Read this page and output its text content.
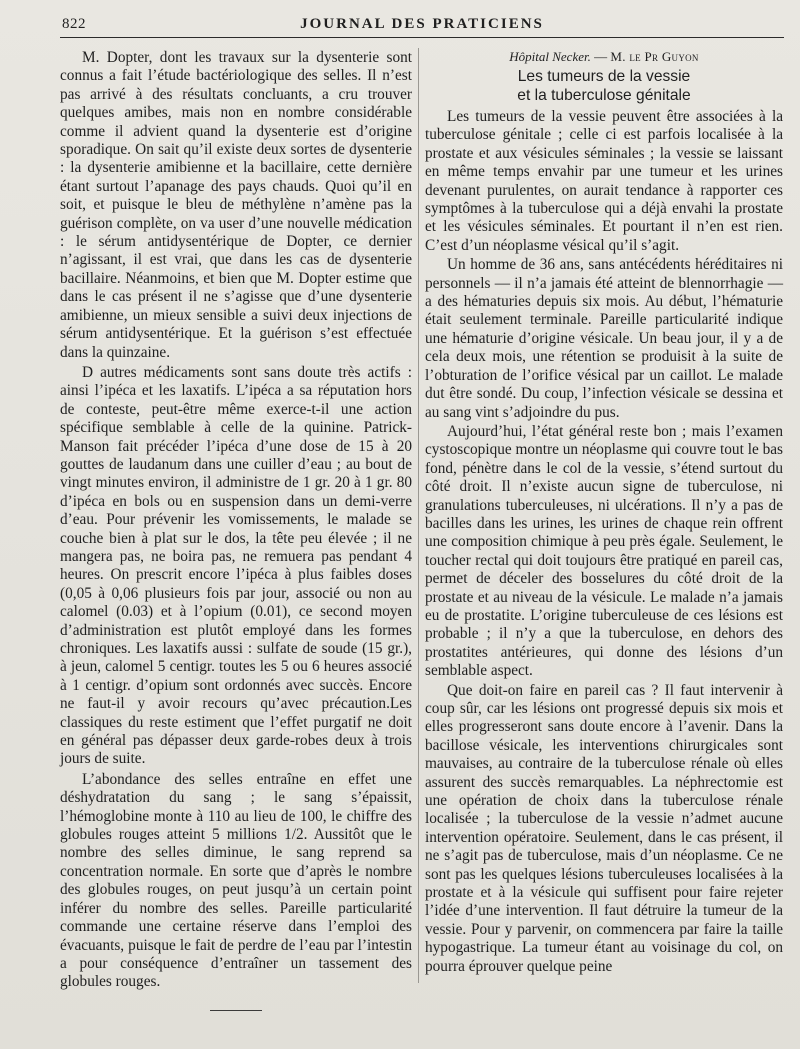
822	JOURNAL DES PRATICIENS

M. Dopter, dont les travaux sur la dysenterie sont connus a fait l’étude bactériologique des selles. Il n’est pas arrivé à des résultats concluants, a cru trouver quelques amibes, mais non en nombre considérable comme il advient quand la dysenterie est d’origine sporadique. On sait qu’il existe deux sortes de dysenterie : la dysenterie amibienne et la bacillaire, cette dernière étant surtout l’apanage des pays chauds. Quoi qu’il en soit, et puisque le bleu de méthylène n’amène pas la guérison complète, on va user d’une nouvelle médication : le sérum antidysentérique de Dopter, ce dernier n’agissant, il est vrai, que dans les cas de dysenterie bacillaire. Néanmoins, et bien que M. Dopter estime que dans le cas présent il ne s’agisse que d’une dysenterie amibienne, un mieux sensible a suivi deux injections de sérum antidysentérique. Et la guérison s’est effectuée dans la quinzaine.

D autres médicaments sont sans doute très actifs : ainsi l’ipéca et les laxatifs. L’ipéca a sa réputation hors de conteste, peut-être même exerce-t-il une action spécifique semblable à celle de la quinine. Patrick-Manson fait précéder l’ipéca d’une dose de 15 à 20 gouttes de laudanum dans une cuiller d’eau ; au bout de vingt minutes environ, il administre de 1 gr. 20 à 1 gr. 80 d’ipéca en bols ou en suspension dans un demi-verre d’eau. Pour prévenir les vomissements, le malade se couche bien à plat sur le dos, la tête peu élevée ; il ne mangera pas, ne boira pas, ne remuera pas pendant 4 heures. On prescrit encore l’ipéca à plus faibles doses (0,05 à 0,06 plusieurs fois par jour, associé ou non au calomel (0.03) et à l’opium (0.01), ce second moyen d’administration est plutôt employé dans les formes chroniques. Les laxatifs aussi : sulfate de soude (15 gr.), à jeun, calomel 5 centigr. toutes les 5 ou 6 heures associé à 1 centigr. d’opium sont ordonnés avec succès. Encore ne faut-il y avoir recours qu’avec précaution.Les classiques du reste estiment que l’effet purgatif ne doit en général pas dépasser deux garde-robes deux à trois jours de suite.

L’abondance des selles entraîne en effet une déshydratation du sang ; le sang s’épaissit, l’hémoglobine monte à 110 au lieu de 100, le chiffre des globules rouges atteint 5 millions 1/2. Aussitôt que le nombre des selles diminue, le sang reprend sa concentration normale. En sorte que d’après le nombre des globules rouges, on peut jusqu’à un certain point inférer du nombre des selles. Pareille particularité commande une certaine réserve dans l’emploi des évacuants, puisque le fait de perdre de l’eau par l’intestin a pour conséquence d’entraîner un tassement des globules rouges.

Hôpital Necker. — M. le Pr Guyon
Les tumeurs de la vessie
et la tuberculose génitale

Les tumeurs de la vessie peuvent être associées à la tuberculose génitale ; celle ci est parfois localisée à la prostate et aux vésicules séminales ; la vessie se laissant en même temps envahir par une tumeur et les urines devenant purulentes, on aurait tendance à rapporter ces symptômes à la tuberculose qui a déjà envahi la prostate et les vésicules séminales. Et pourtant il n’en est rien. C’est d’un néoplasme vésical qu’il s’agit.

Un homme de 36 ans, sans antécédents héréditaires ni personnels — il n’a jamais été atteint de blennorrhagie — a des hématuries depuis six mois. Au début, l’hématurie était seulement terminale. Pareille particularité indique une hématurie d’origine vésicale. Un beau jour, il y a de cela deux mois, une rétention se produisit à la suite de l’obturation de l’orifice vésical par un caillot. Le malade dut être sondé. Du coup, l’infection vésicale se dessina et au sang vint s’adjoindre du pus.

Aujourd’hui, l’état général reste bon ; mais l’examen cystoscopique montre un néoplasme qui couvre tout le bas fond, pénètre dans le col de la vessie, s’étend surtout du côté droit. Il n’existe aucun signe de tuberculose, ni granulations tuberculeuses, ni ulcérations. Il n’y a pas de bacilles dans les urines, les urines de chaque rein offrent une composition chimique à peu près égale. Seulement, le toucher rectal qui doit toujours être pratiqué en pareil cas, permet de déceler des bosselures du côté droit de la prostate et au niveau de la vésicule. Le malade n’a jamais eu de prostatite. L’origine tuberculeuse de ces lésions est probable ; il n’y a que la tuberculose, en dehors des prostatites antérieures, qui donne des lésions d’un semblable aspect.

Que doit-on faire en pareil cas ? Il faut intervenir à coup sûr, car les lésions ont progressé depuis six mois et elles progresseront sans doute encore à l’avenir. Dans la bacillose vésicale, les interventions chirurgicales sont mauvaises, au contraire de la tuberculose rénale où elles assurent des succès remarquables. La néphrectomie est une opération de choix dans la tuberculose rénale localisée ; la tuberculose de la vessie n’admet aucune intervention opératoire. Seulement, dans le cas présent, il ne s’agit pas de tuberculose, mais d’un néoplasme. Ce ne sont pas les quelques lésions tuberculeuses localisées à la prostate et à la vésicule qui suffisent pour faire rejeter l’idée d’une intervention. Il faut détruire la tumeur de la vessie. Pour y parvenir, on commencera par faire la taille hypogastrique. La tumeur étant au voisinage du col, on pourra éprouver quelque peine
